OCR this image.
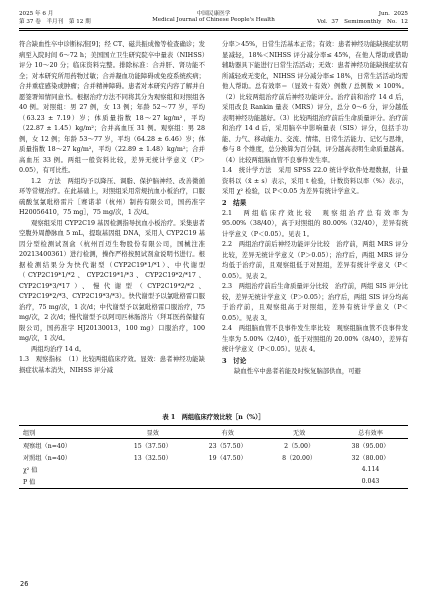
2025 年 6 月
第 37 卷　半月刊　第 12 期
中国民康医学
Medical Journal of Chinese People's Health
Jun．2025
Vol．37　Semimonthly　No．12

符合缺血性卒中诊断标准[9]；经 CT、磁共振成像等检查确诊；发病至入院时间 6～72 h；美国国立卫生研究院卒中量表（NIHSS）评分 10～20 分；临床资料完整。排除标准：合并肝、肾功能不全；对本研究所用药物过敏；合并凝血功能障碍或免疫系统疾病；合并重症感染或肿瘤；合并精神障碍。患者对本研究内容了解并自愿签署知情同意书。根据治疗方法不同将其分为观察组和对照组各 40 例。对照组：男 27 例，女 13 例；年龄 52～77 岁，平均（63.23 ± 7.19）岁；体质量指数 18～27 kg/m²，平均（22.87 ± 1.45）kg/m²；合并高血压 31 例。观察组：男 28 例，女 12 例；年龄 53～77 岁，平均（64.28 ± 6.46）岁；体质量指数 18～27 kg/m²，平均（22.89 ± 1.48）kg/m²；合并高血压 33 例。两组一般资料比较，差异无统计学意义（P＞0.05），有可比性。

1.2　方法　两组均予以降压、调脂、保护脑神经、改善微循环等常规治疗。在此基础上，对照组采用常规抗血小板治疗，口服硫酸氢氯吡格雷片［赛诺菲（杭州）制药有限公司，国药准字 H20056410，75 mg］，75 mg/次，1 次/d。

观察组采用 CYP2C19 基因检测指导抗血小板治疗。采集患者空腹外周静脉血 5 mL，提取基因组 DNA，采用人 CYP2C19 基因分型检测试剂盒（杭州百迈生物股份有限公司，国械注准 20213400361）进行检测，操作严格按照试剂盒说明书进行。根据检测结果分为快代谢型（CYP2C19*1/*1）、中代谢型（CYP2C19*1/*2、CYP2C19*1/*3、CYP2C19*2/*17、CYP2C19*3/*17）、慢代谢型（CYP2C19*2/*2、CYP2C19*2/*3、CYP2C19*3/*3）。快代谢型予以氯吡格雷口服治疗，75 mg/次，1 次/d；中代谢型予以氯吡格雷口服治疗，75 mg/次，2 次/d；慢代谢型予以阿司匹林肠溶片（拜耳医药保健有限公司，国药准字 HJ20130013，100 mg）口服治疗，100 mg/次，1 次/d。

两组均治疗 14 d。

1.3　观察指标　（1）比较两组临床疗效。显效：患者神经功能缺损症状基本消失，NIHSS 评分减

分率＞45%，日常生活基本正常；有效：患者神经功能缺损症状明显减轻，18%＜NIHSS 评分减分率≤ 45%，在他人帮助或借助辅助器具下能进行日常生活活动；无效：患者神经功能缺损症状有所减轻或无变化，NIHSS 评分减分率≤ 18%，日常生活活动均需他人帮助。总有效率＝（显效＋有效）例数 / 总例数 × 100%。（2）比较两组治疗前后神经功能评分。治疗前和治疗 14 d 后，采用改良 Rankin 量表（MRS）评分，总分 0～6 分，评分越低表明神经功能越好。（3）比较两组治疗前后生命质量评分。治疗前和治疗 14 d 后，采用脑卒中影响量表（SIS）评分，包括手功能、力气、移动能力、交流、情绪、日常生活能力、记忆与思维，参与 8 个维度，总分换算为百分制，评分越高表明生命质量越高。（4）比较两组脑血管不良事件发生率。

1.4　统计学方法　采用 SPSS 22.0 统计学软件处理数据，计量资料以（x̄ ± s）表示，采用 t 检验，计数资料以率（%）表示，采用 χ² 检验，以 P＜0.05 为差异有统计学意义。

2　结果

2.1　两组临床疗效比较　观察组治疗总有效率为 95.00%（38/40），高于对照组的 80.00%（32/40），差异有统计学意义（P＜0.05）。见表 1。

2.2　两组治疗前后神经功能评分比较　治疗前，两组 MRS 评分比较，差异无统计学意义（P＞0.05）；治疗后，两组 MRS 评分均低于治疗前，且观察组低于对照组，差异有统计学意义（P＜0.05）。见表 2。

2.3　两组治疗前后生命质量评分比较　治疗前，两组 SIS 评分比较，差异无统计学意义（P＞0.05）；治疗后，两组 SIS 评分均高于治疗前，且观察组高于对照组，差异有统计学意义（P＜0.05）。见表 3。

2.4　两组脑血管不良事件发生率比较　观察组脑血管不良事件发生率为 5.00%（2/40），低于对照组的 20.00%（8/40），差异有统计学意义（P＜0.05）。见表 4。

3　讨论

缺血性卒中患者若能及时恢复脑部供血，可避

表 1　两组临床疗效比较［n（%）］
组别	显效	有效	无效	总有效率
观察组（n=40）	15（37.50）	23（57.50）	2（5.00）	38（95.00）
对照组（n=40）	13（32.50）	19（47.50）	8（20.00）	32（80.00）
χ² 值				4.114
P 值				0.043
26
